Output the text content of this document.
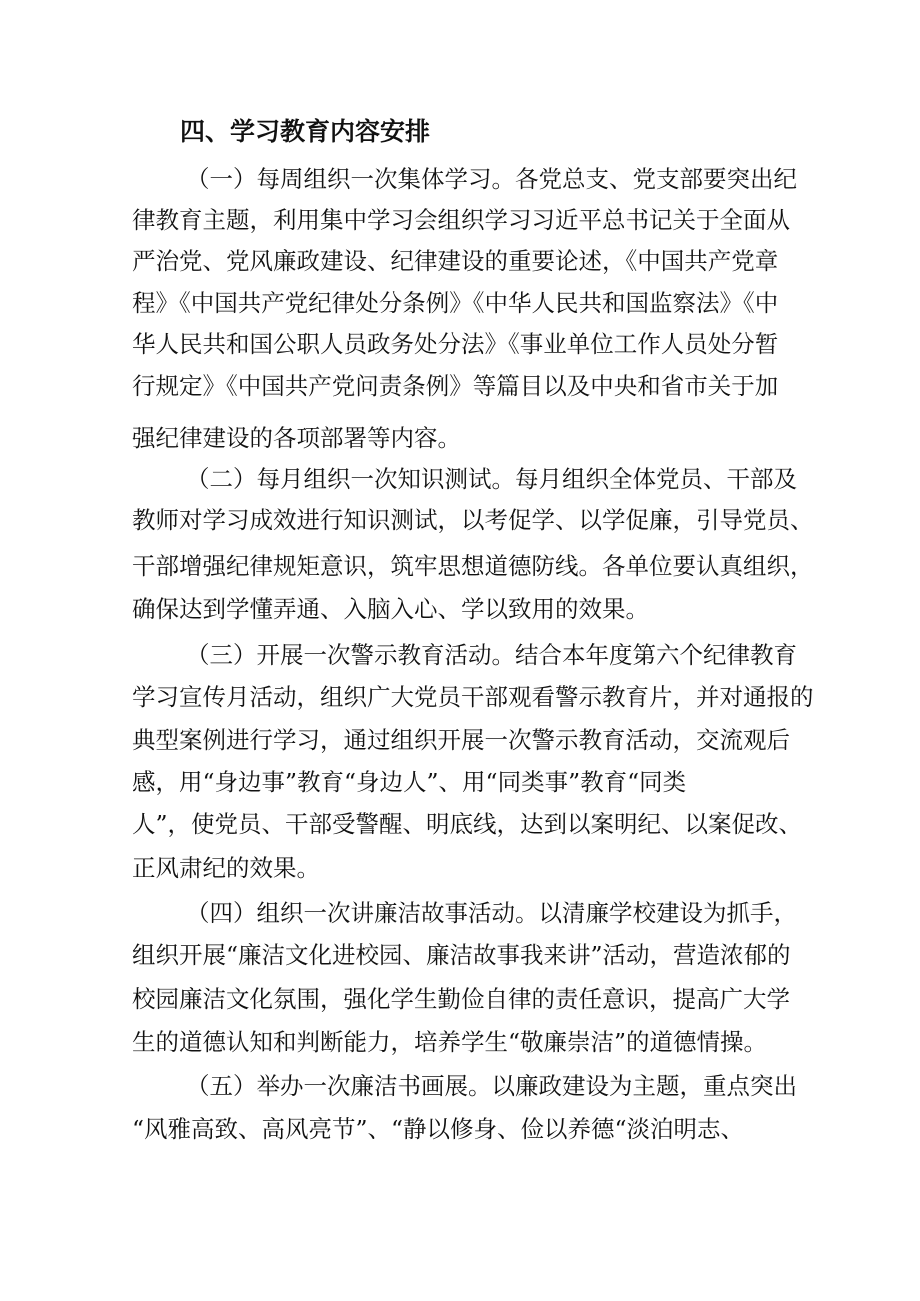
四、学习教育内容安排
（一）每周组织一次集体学习。各党总支、党支部要突出纪
律教育主题，利用集中学习会组织学习习近平总书记关于全面从
严治党、党风廉政建设、纪律建设的重要论述，《中国共产党章
程》《中国共产党纪律处分条例》《中华人民共和国监察法》《中
华人民共和国公职人员政务处分法》《事业单位工作人员处分暂
行规定》《中国共产党问责条例》等篇目以及中央和省市关于加
强纪律建设的各项部署等内容。
（二）每月组织一次知识测试。每月组织全体党员、干部及
教师对学习成效进行知识测试，以考促学、以学促廉，引导党员、
干部增强纪律规矩意识，筑牢思想道德防线。各单位要认真组织，
确保达到学懂弄通、入脑入心、学以致用的效果。
（三）开展一次警示教育活动。结合本年度第六个纪律教育
学习宣传月活动，组织广大党员干部观看警示教育片，并对通报的
典型案例进行学习，通过组织开展一次警示教育活动，交流观后
感，用“身边事”教育“身边人”、用“同类事”教育“同类
人”，使党员、干部受警醒、明底线，达到以案明纪、以案促改、
正风肃纪的效果。
（四）组织一次讲廉洁故事活动。以清廉学校建设为抓手，
组织开展“廉洁文化进校园、廉洁故事我来讲”活动，营造浓郁的
校园廉洁文化氛围，强化学生勤俭自律的责任意识，提高广大学
生的道德认知和判断能力，培养学生“敬廉崇洁”的道德情操。
（五）举办一次廉洁书画展。以廉政建设为主题，重点突出
“风雅高致、高风亮节”、“静以修身、俭以养德“淡泊明志、
